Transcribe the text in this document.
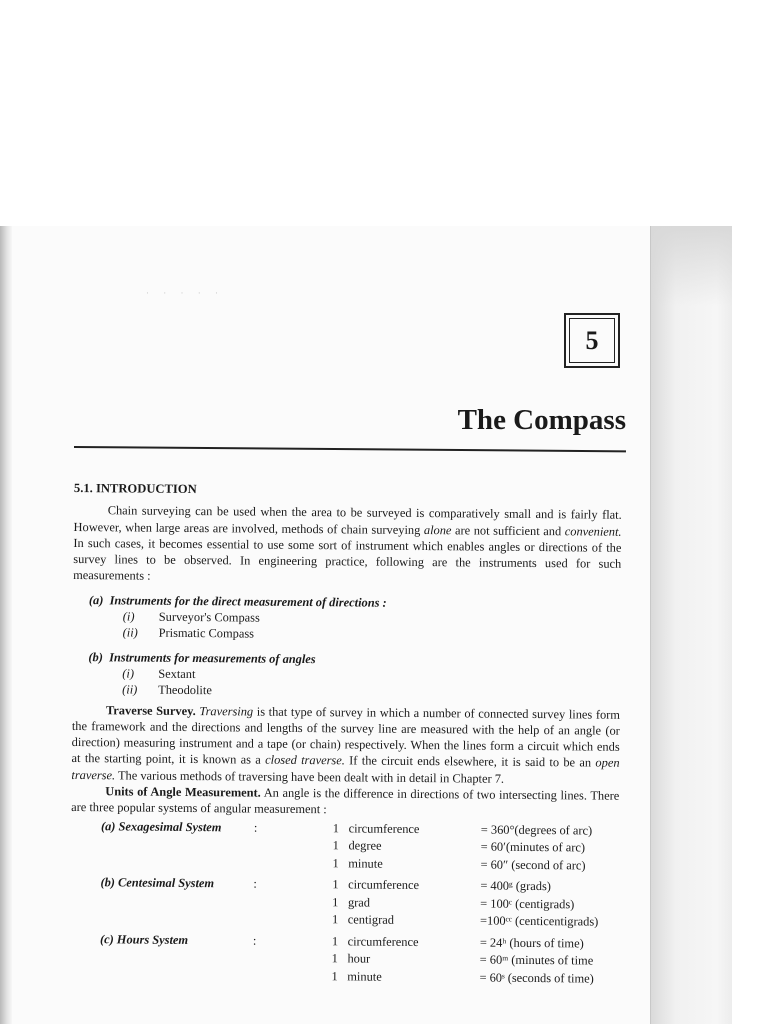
· · · · ·
5
The Compass
5.1. INTRODUCTION

Chain surveying can be used when the area to be surveyed is comparatively small and is fairly flat. However, when large areas are involved, methods of chain surveying alone are not sufficient and convenient. In such cases, it becomes essential to use some sort of instrument which enables angles or directions of the survey lines to be observed. In engineering practice, following are the instruments used for such measurements :

(a) Instruments for the direct measurement of directions :
(i)	Surveyor's Compass
(ii)	Prismatic Compass
(b) Instruments for measurements of angles
(i)	Sextant
(ii)	Theodolite

Traverse Survey. Traversing is that type of survey in which a number of connected survey lines form the framework and the directions and lengths of the survey line are measured with the help of an angle (or direction) measuring instrument and a tape (or chain) respectively. When the lines form a circuit which ends at the starting point, it is known as a closed traverse. If the circuit ends elsewhere, it is said to be an open traverse. The various methods of traversing have been dealt with in detail in Chapter 7.

Units of Angle Measurement. An angle is the difference in directions of two intersecting lines. There are three popular systems of angular measurement :

(a) Sexagesimal System	:	1 circumference	= 360°(degrees of arc)
1 degree	= 60′(minutes of arc)
1 minute	= 60″ (second of arc)
(b) Centesimal System	:	1 circumference	= 400ᵍ (grads)
1 grad	= 100ᶜ (centigrads)
1 centigrad	=100ᶜᶜ (centicentigrads)
(c) Hours System	:	1 circumference	= 24ʰ (hours of time)
1 hour	= 60ᵐ (minutes of time
1 minute	= 60ˢ (seconds of time)
